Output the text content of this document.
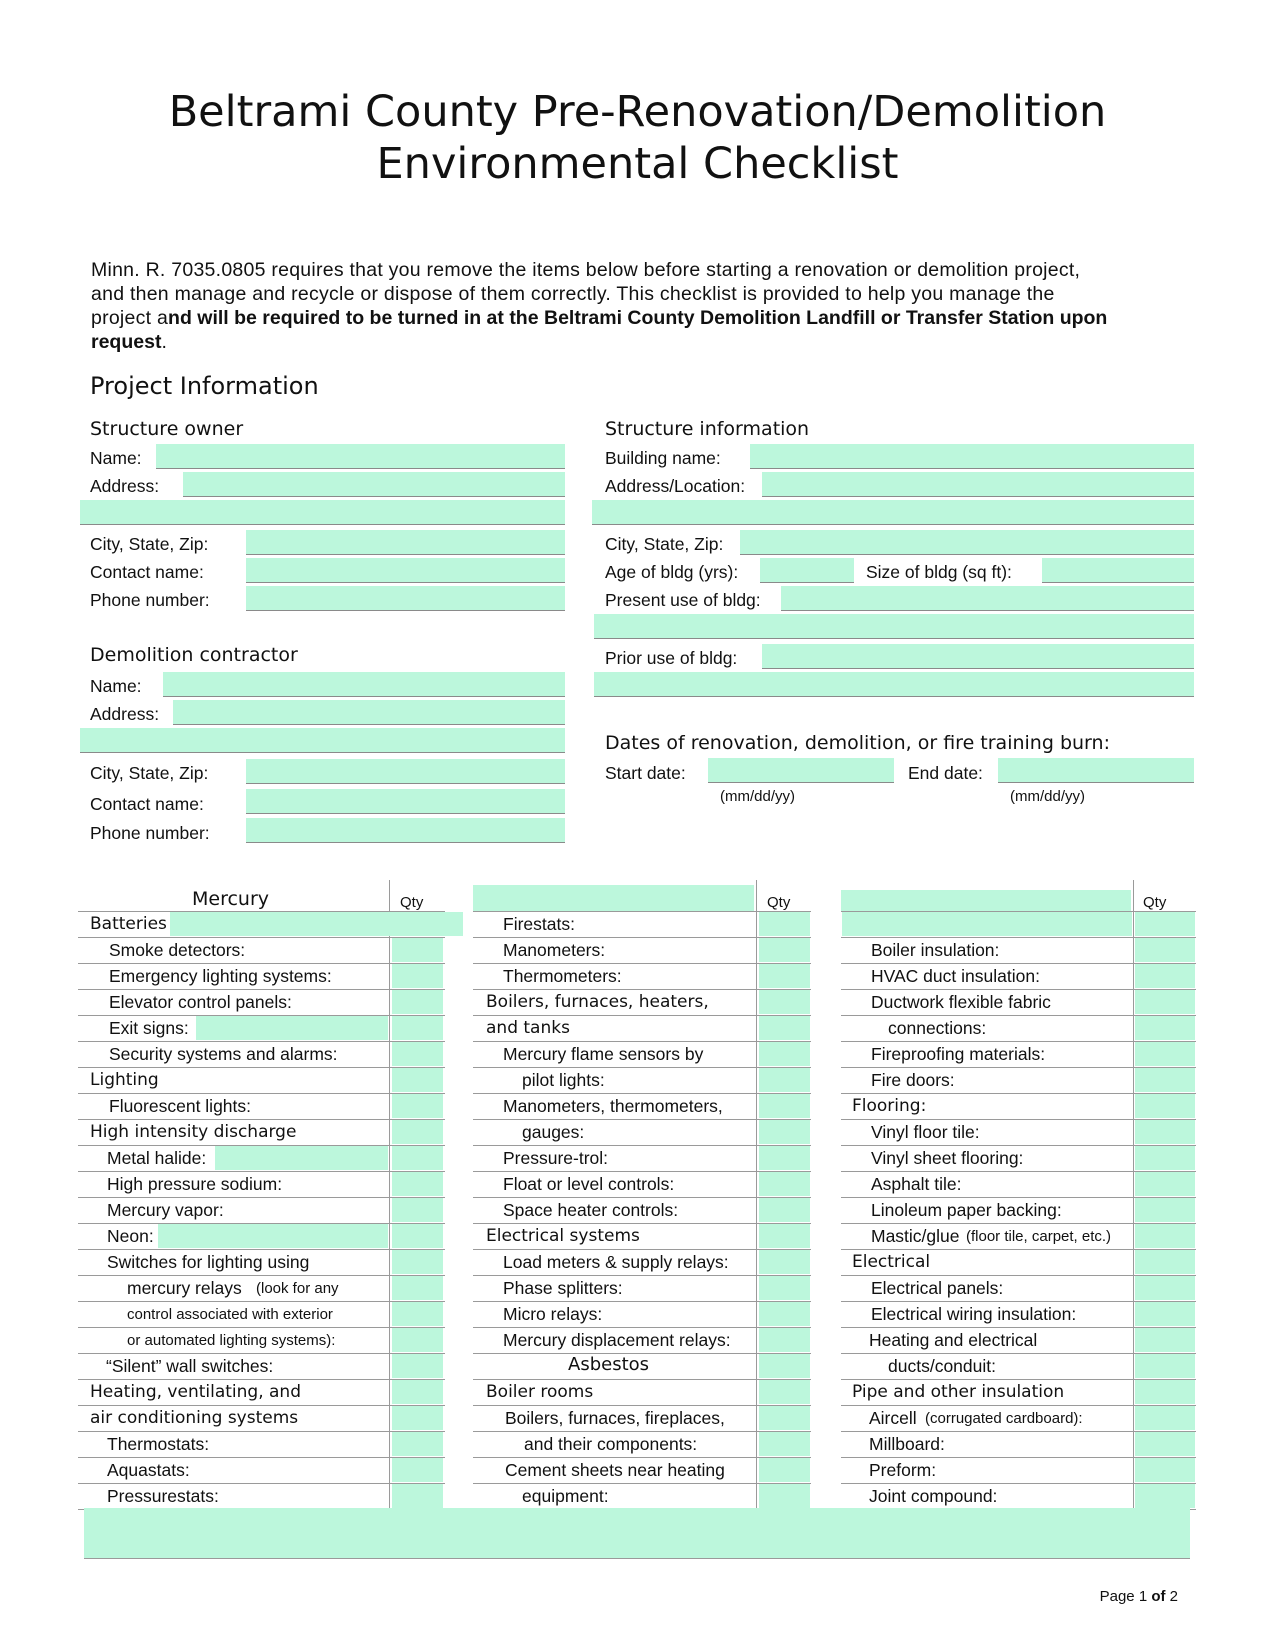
Beltrami County Pre-Renovation/Demolition
Environmental Checklist
Minn. R. 7035.0805 requires that you remove the items below before starting a renovation or demolition project,
and then manage and recycle or dispose of them correctly. This checklist is provided to help you manage the
project and will be required to be turned in at the Beltrami County Demolition Landfill or Transfer Station upon
request.
Project Information
Structure owner
Name:
Address:
City, State, Zip:
Contact name:
Phone number:
Structure information
Building name:
Address/Location:
City, State, Zip:
Age of bldg (yrs):	Size of bldg (sq ft):
Present use of bldg:
Prior use of bldg:
Demolition contractor
Name:
Address:
City, State, Zip:
Contact name:
Phone number:
Dates of renovation, demolition, or fire training burn:
Start date:
(mm/dd/yy)
End date:
(mm/dd/yy)
Mercury	Qty	Qty	Qty
Batteries
Smoke detectors:
Emergency lighting systems:
Elevator control panels:
Exit signs:
Security systems and alarms:
Lighting
Fluorescent lights:
High intensity discharge
Metal halide:
High pressure sodium:
Mercury vapor:
Neon:
Switches for lighting using
mercury relays (look for any
control associated with exterior
or automated lighting systems):
“Silent” wall switches:
Heating, ventilating, and
air conditioning systems
Thermostats:
Aquastats:
Pressurestats:
Firestats:
Manometers:
Thermometers:
Boilers, furnaces, heaters,
and tanks
Mercury flame sensors by
pilot lights:
Manometers, thermometers,
gauges:
Pressure-trol:
Float or level controls:
Space heater controls:
Electrical systems
Load meters & supply relays:
Phase splitters:
Micro relays:
Mercury displacement relays:
Asbestos
Boiler rooms
Boilers, furnaces, fireplaces,
and their components:
Cement sheets near heating
equipment:
Boiler insulation:
HVAC duct insulation:
Ductwork flexible fabric
connections:
Fireproofing materials:
Fire doors:
Flooring:
Vinyl floor tile:
Vinyl sheet flooring:
Asphalt tile:
Linoleum paper backing:
Mastic/glue (floor tile, carpet, etc.)
Electrical
Electrical panels:
Electrical wiring insulation:
Heating and electrical
ducts/conduit:
Pipe and other insulation
Aircell (corrugated cardboard):
Millboard:
Preform:
Joint compound:
Page 1 of 2
